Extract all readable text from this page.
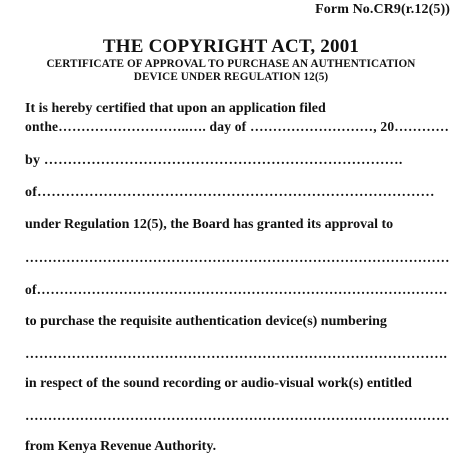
Form No.CR9(r.12(5))
THE COPYRIGHT ACT, 2001
CERTIFICATE OF APPROVAL TO PURCHASE AN AUTHENTICATION
DEVICE UNDER REGULATION 12(5)
It is hereby certified that upon an application filed
onthe………………………..…. day of ………………………, 20…………
by ………………………………………………………………….
of…………………………………………………………………………
under Regulation 12(5), the Board has granted its approval to
…………………………………………………………………………………
of………………………………………………………………………………
to purchase the requisite authentication device(s) numbering
……………………………………………………………………………….
in respect of the sound recording or audio-visual work(s) entitled
…………………………………………………………………………………
from Kenya Revenue Authority.
